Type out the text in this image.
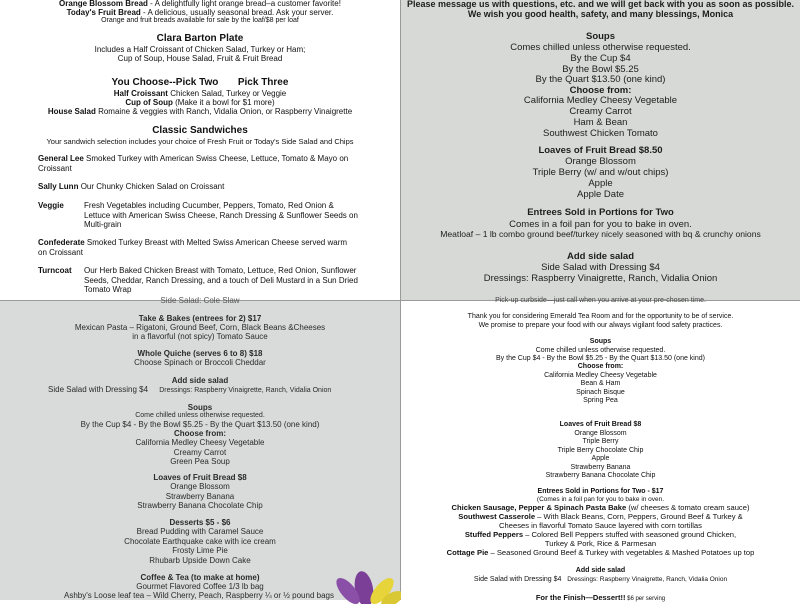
Orange Blossom Bread - A delightfully light orange bread–a customer favorite!

Today's Fruit Bread - A delicious, usually seasonal bread. Ask your server.

Orange and fruit breads available for sale by the loaf/$8 per loaf

Clara Barton Plate

Includes a Half Croissant of Chicken Salad, Turkey or Ham;

Cup of Soup, House Salad, Fruit & Fruit Bread

You Choose--Pick Two       Pick Three

Half Croissant Chicken Salad, Turkey or Veggie

Cup of Soup (Make it a bowl for $1 more)

House Salad Romaine & veggies with Ranch, Vidalia Onion, or Raspberry Vinaigrette

Classic Sandwiches

Your sandwich selection includes your choice of Fresh Fruit or Today's Side Salad and Chips

General Lee Smoked Turkey with American Swiss Cheese, Lettuce, Tomato & Mayo on Croissant
Sally Lunn Our Chunky Chicken Salad on Croissant
Veggie	Fresh Vegetables including Cucumber, Peppers, Tomato, Red Onion & Lettuce with American Swiss Cheese, Ranch Dressing & Sunflower Seeds on Multi-grain
Confederate Smoked Turkey Breast with Melted Swiss American Cheese served warm on Croissant
Turncoat Our Herb Baked Chicken Breast with Tomato, Lettuce, Red Onion, Sunflower Seeds, Cheddar, Ranch Dressing, and a touch of Deli Mustard in a Sun Dried Tomato Wrap

Please message us with questions, etc. and we will get back with you as soon as possible.

We wish you good health, safety, and many blessings, Monica

Soups

Comes chilled unless otherwise requested.

By the Cup $4

By the Bowl $5.25

By the Quart $13.50 (one kind)

Choose from:

California Medley Cheesy Vegetable

Creamy Carrot

Ham & Bean

Southwest Chicken Tomato

Loaves of Fruit Bread $8.50

Orange Blossom

Triple Berry (w/ and w/out chips)

Apple

Apple Date

Entrees Sold in Portions for Two

Comes in a foil pan for you to bake in oven.

Meatloaf – 1 lb combo ground beef/turkey nicely seasoned with bq & crunchy onions

Add side salad

Side Salad with Dressing $4

Dressings: Raspberry Vinaigrette, Ranch, Vidalia Onion

Side Salad: Cole Slaw

Take & Bakes (entrees for 2) $17

Mexican Pasta – Rigatoni, Ground Beef, Corn, Black Beans &Cheeses

in a flavorful (not spicy) Tomato Sauce

Whole Quiche (serves 6 to 8) $18

Choose Spinach or Broccoli Cheddar

Add side salad

Side Salad with Dressing $4 Dressings: Raspberry Vinaigrette, Ranch, Vidalia Onion

Soups

Come chilled unless otherwise requested.

By the Cup $4 - By the Bowl $5.25 - By the Quart $13.50 (one kind)

Choose from:

California Medley Cheesy Vegetable

Creamy Carrot

Green Pea Soup

Loaves of Fruit Bread $8

Orange Blossom

Strawberry Banana

Strawberry Banana Chocolate Chip

Desserts $5 - $6

Bread Pudding with Caramel Sauce

Chocolate Earthquake cake with ice cream

Frosty Lime Pie

Rhubarb Upside Down Cake

Coffee & Tea (to make at home)

Gourmet Flavored Coffee 1/3 lb bag

Ashby's Loose leaf tea – Wild Cherry, Peach, Raspberry ¼ or ½ pound bags

Pick-up curbside—just call when you arrive at your pre-chosen time.

Thank you for considering Emerald Tea Room and for the opportunity to be of service.

We promise to prepare your food with our always vigilant food safety practices.

Soups

Come chilled unless otherwise requested.

By the Cup $4 - By the Bowl $5.25 - By the Quart $13.50 (one kind)

Choose from:

California Medley Cheesy Vegetable

Bean & Ham

Spinach Bisque

Spring Pea

Loaves of Fruit Bread $8

Orange Blossom

Triple Berry

Triple Berry Chocolate Chip

Apple

Strawberry Banana

Strawberry Banana Chocolate Chip

Entrees Sold in Portions for Two - $17

(Comes in a foil pan for you to bake in oven.

Chicken Sausage, Pepper & Spinach Pasta Bake (w/ cheeses & tomato cream sauce)

Southwest Casserole – With Black Beans, Corn, Peppers, Ground Beef & Turkey &

Cheeses in flavorful Tomato Sauce layered with corn tortillas

Stuffed Peppers – Colored Bell Peppers stuffed with seasoned ground Chicken,

Turkey & Pork, Rice & Parmesan

Cottage Pie – Seasoned Ground Beef & Turkey with vegetables & Mashed Potatoes up top

Add side salad

Side Salad with Dressing $4 Dressings: Raspberry Vinaigrette, Ranch, Vidalia Onion

For the Finish—Dessert!! $6 per serving
